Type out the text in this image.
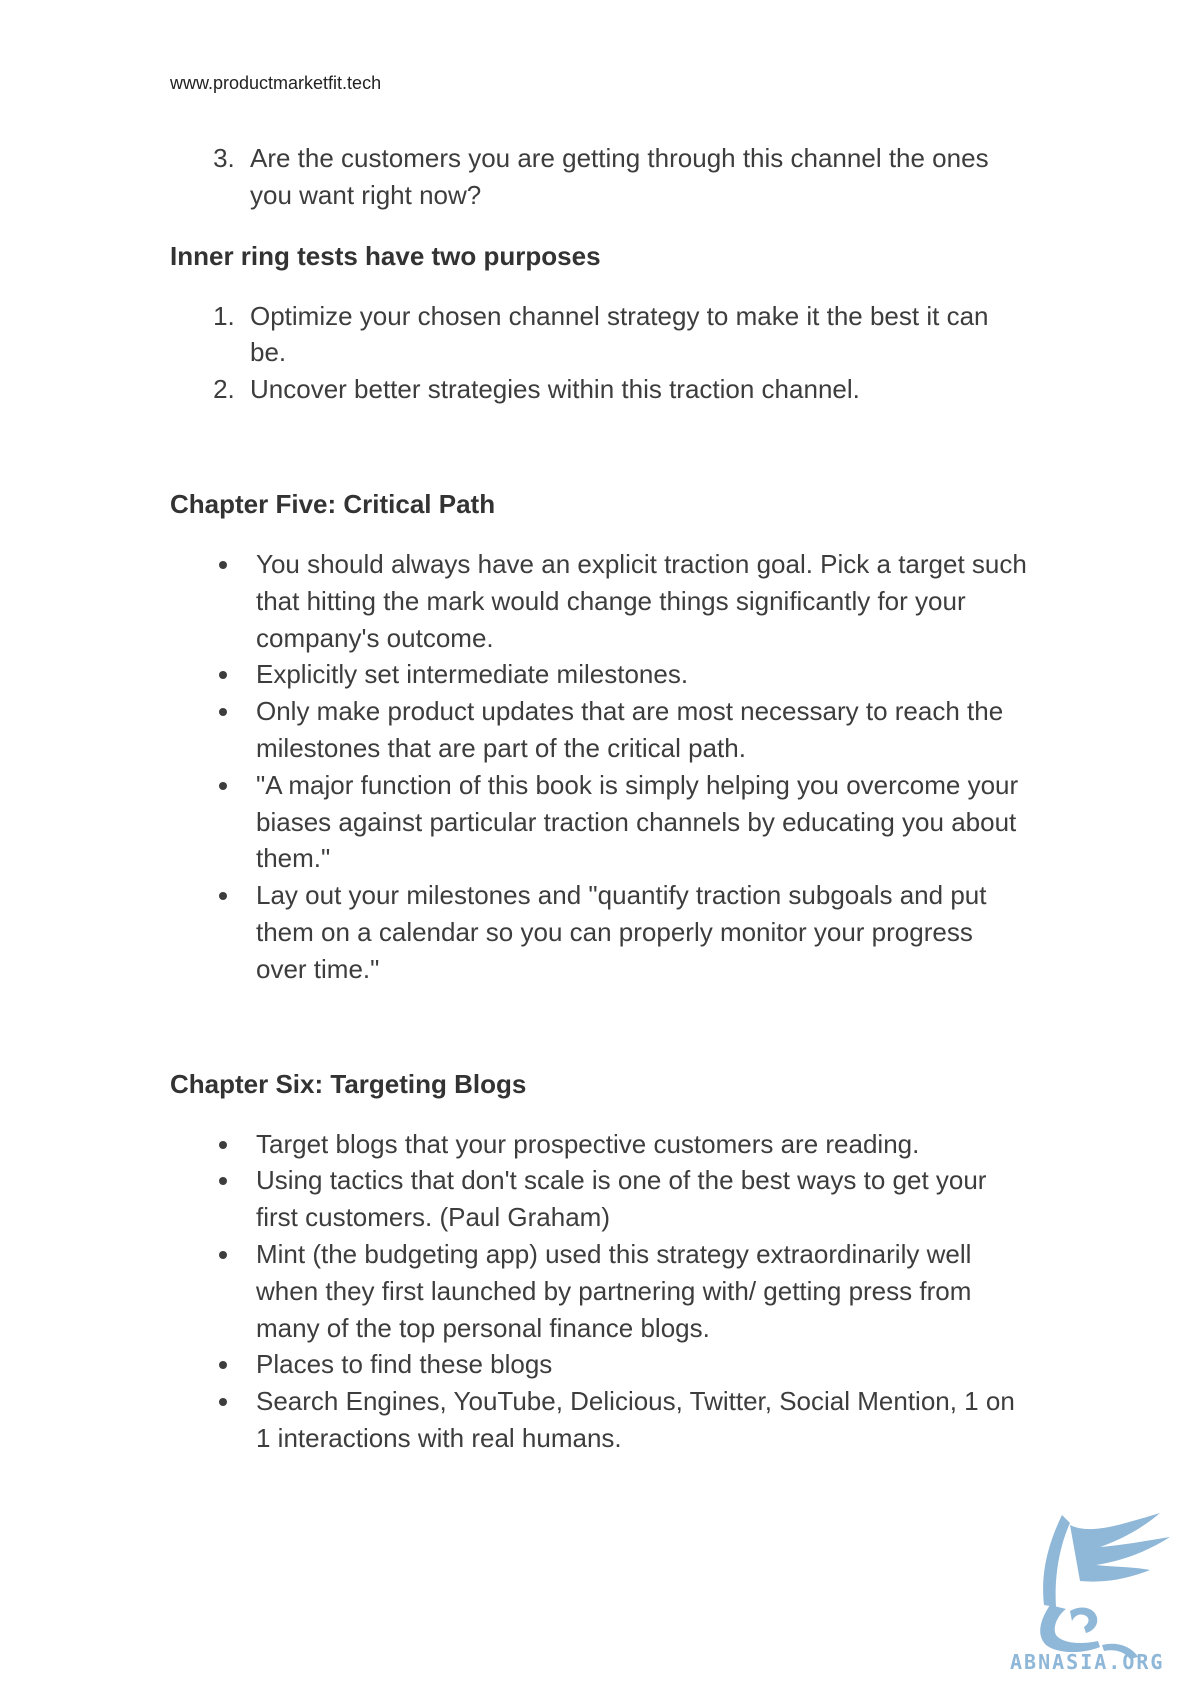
www.productmarketfit.tech
3. Are the customers you are getting through this channel the ones you want right now?
Inner ring tests have two purposes
1. Optimize your chosen channel strategy to make it the best it can be.
2. Uncover better strategies within this traction channel.
Chapter Five: Critical Path
• You should always have an explicit traction goal. Pick a target such that hitting the mark would change things significantly for your company's outcome.
• Explicitly set intermediate milestones.
• Only make product updates that are most necessary to reach the milestones that are part of the critical path.
• "A major function of this book is simply helping you overcome your biases against particular traction channels by educating you about them."
• Lay out your milestones and "quantify traction subgoals and put them on a calendar so you can properly monitor your progress over time."
Chapter Six: Targeting Blogs
• Target blogs that your prospective customers are reading.
• Using tactics that don't scale is one of the best ways to get your first customers. (Paul Graham)
• Mint (the budgeting app) used this strategy extraordinarily well when they first launched by partnering with/ getting press from many of the top personal finance blogs.
• Places to find these blogs
• Search Engines, YouTube, Delicious, Twitter, Social Mention, 1 on 1 interactions with real humans.
ABNASIA.ORG
